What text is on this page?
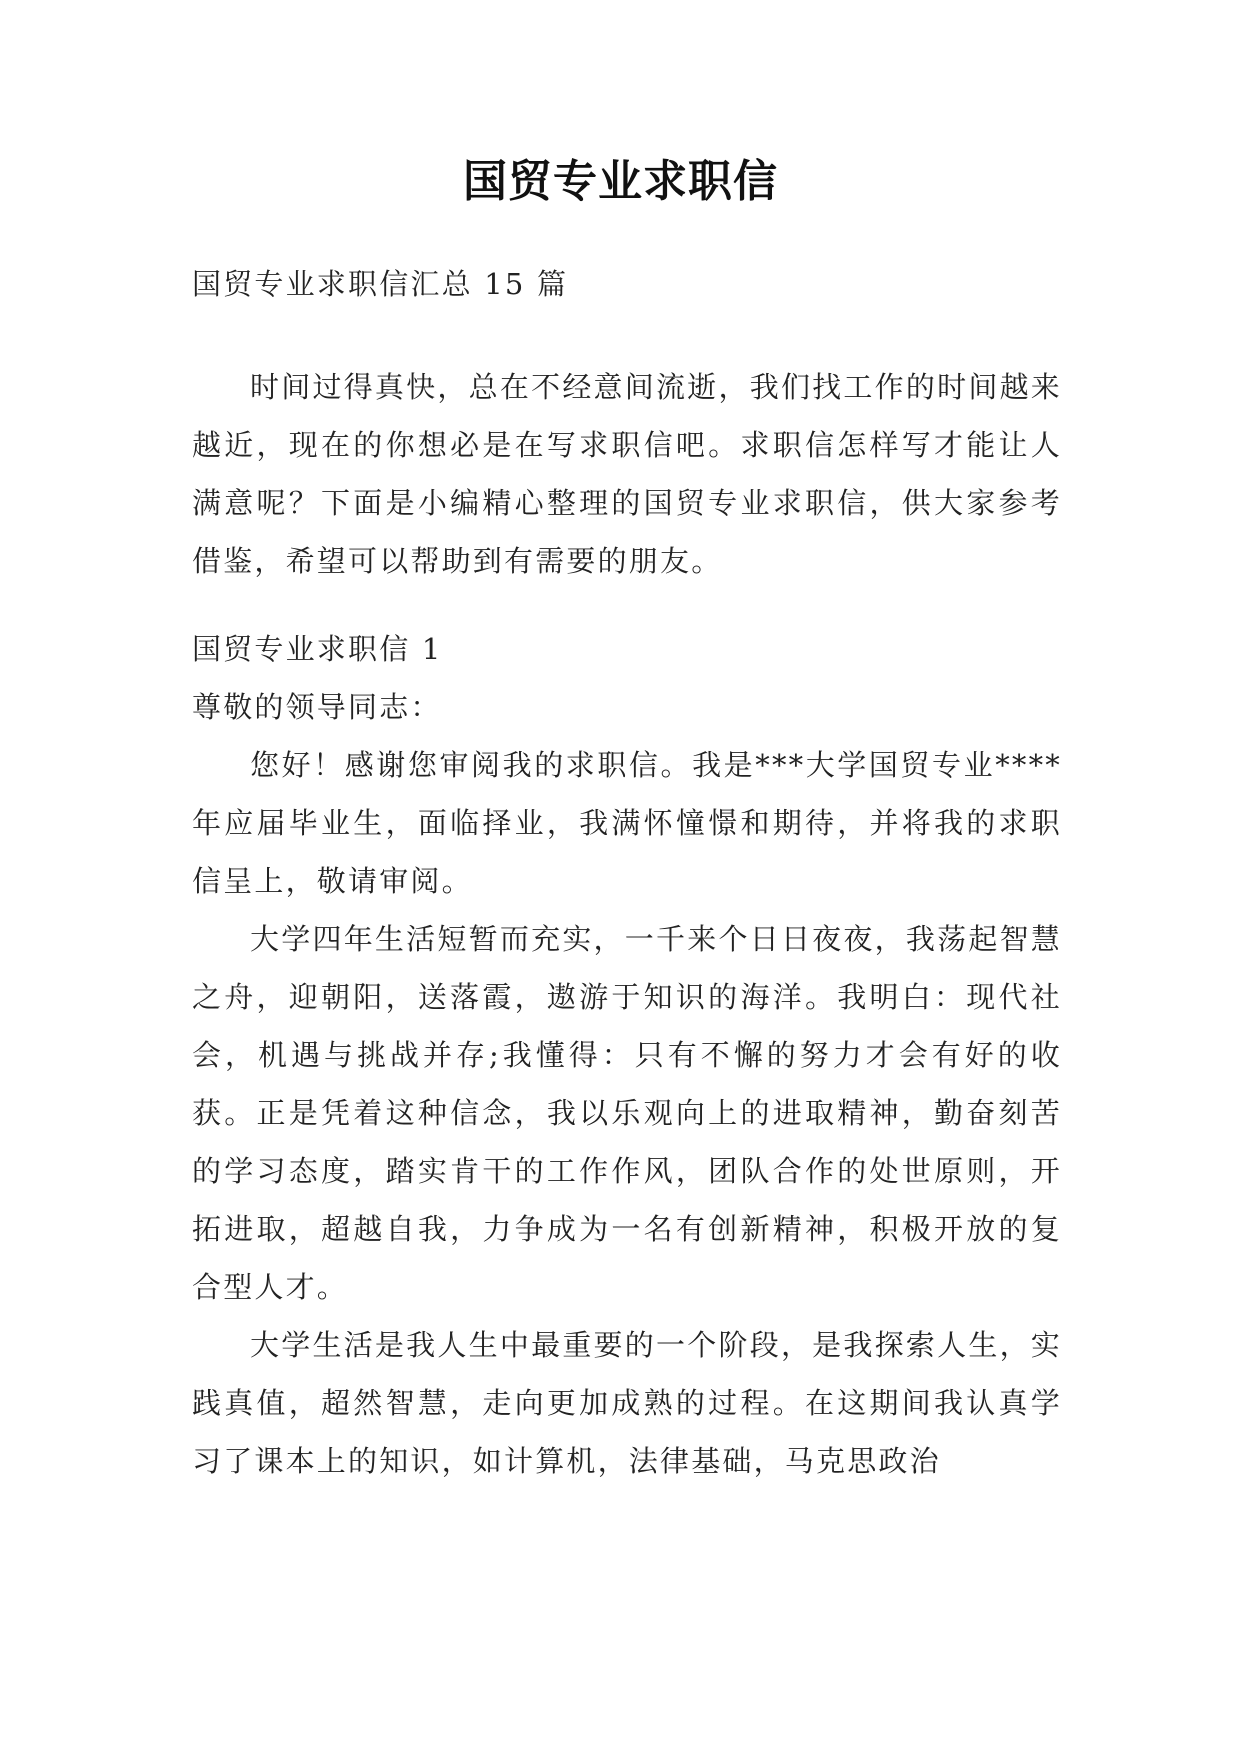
国贸专业求职信

国贸专业求职信汇总 15 篇

时间过得真快，总在不经意间流逝，我们找工作的时间越来越近，现在的你想必是在写求职信吧。求职信怎样写才能让人满意呢？下面是小编精心整理的国贸专业求职信，供大家参考借鉴，希望可以帮助到有需要的朋友。

国贸专业求职信 1

尊敬的领导同志：

您好！感谢您审阅我的求职信。我是***大学国贸专业****年应届毕业生，面临择业，我满怀憧憬和期待，并将我的求职信呈上，敬请审阅。

大学四年生活短暂而充实，一千来个日日夜夜，我荡起智慧之舟，迎朝阳，送落霞，遨游于知识的海洋。我明白：现代社会，机遇与挑战并存;我懂得：只有不懈的努力才会有好的收获。正是凭着这种信念，我以乐观向上的进取精神，勤奋刻苦的学习态度，踏实肯干的工作作风，团队合作的处世原则，开拓进取，超越自我，力争成为一名有创新精神，积极开放的复合型人才。

大学生活是我人生中最重要的一个阶段，是我探索人生，实践真值，超然智慧，走向更加成熟的过程。在这期间我认真学习了课本上的知识，如计算机，法律基础，马克思政治
